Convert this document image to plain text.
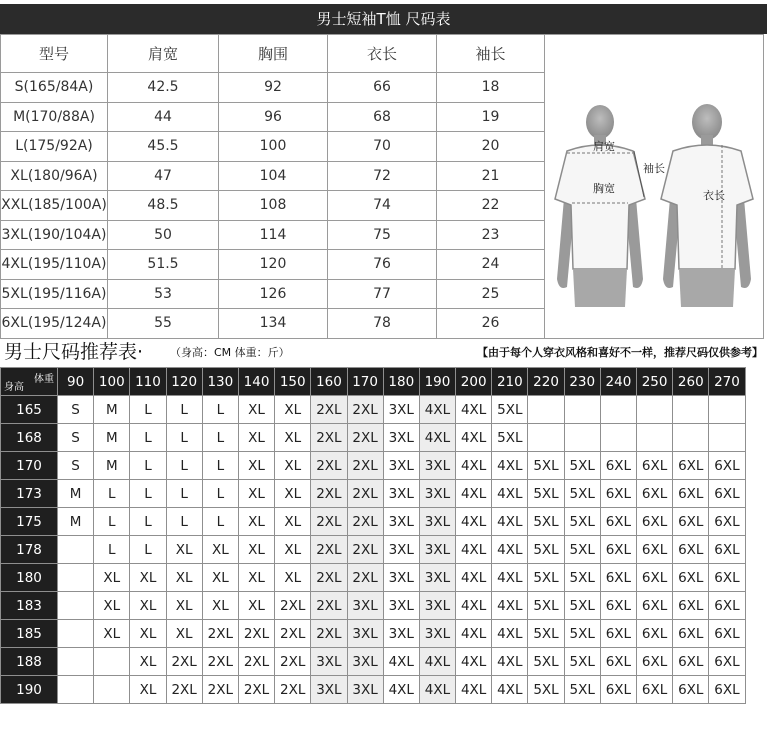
男士短袖T恤 尺码表
型号	肩宽	胸围	衣长	袖长	肩宽
胸宽
袖长
衣长

S(165/84A)	42.5	92	66	18	
M(170/88A)	44	96	68	19	
L(175/92A)	45.5	100	70	20	
XL(180/96A)	47	104	72	21	
XXL(185/100A)	48.5	108	74	22	
3XL(190/104A)	50	114	75	23	
4XL(195/110A)	51.5	120	76	24	
5XL(195/116A)	53	126	77	25	
6XL(195/124A)	55	134	78	26	
男士尺码推荐表· （身高：CM 体重：斤）	【由于每个人穿衣风格和喜好不一样，推荐尺码仅供参考】
体重
身高	90	100	110	120	130	140	150	160	170	180	190	200	210	220	230	240	250	260	270
165	S	M	L	L	L	XL	XL	2XL	2XL	3XL	4XL	4XL	5XL						
168	S	M	L	L	L	XL	XL	2XL	2XL	3XL	4XL	4XL	5XL						
170	S	M	L	L	L	XL	XL	2XL	2XL	3XL	3XL	4XL	4XL	5XL	5XL	6XL	6XL	6XL	6XL
173	M	L	L	L	L	XL	XL	2XL	2XL	3XL	3XL	4XL	4XL	5XL	5XL	6XL	6XL	6XL	6XL
175	M	L	L	L	L	XL	XL	2XL	2XL	3XL	3XL	4XL	4XL	5XL	5XL	6XL	6XL	6XL	6XL
178		L	L	XL	XL	XL	XL	2XL	2XL	3XL	3XL	4XL	4XL	5XL	5XL	6XL	6XL	6XL	6XL
180		XL	XL	XL	XL	XL	XL	2XL	2XL	3XL	3XL	4XL	4XL	5XL	5XL	6XL	6XL	6XL	6XL
183		XL	XL	XL	XL	XL	2XL	2XL	3XL	3XL	3XL	4XL	4XL	5XL	5XL	6XL	6XL	6XL	6XL
185		XL	XL	XL	2XL	2XL	2XL	2XL	3XL	3XL	3XL	4XL	4XL	5XL	5XL	6XL	6XL	6XL	6XL
188			XL	2XL	2XL	2XL	2XL	3XL	3XL	4XL	4XL	4XL	4XL	5XL	5XL	6XL	6XL	6XL	6XL
190			XL	2XL	2XL	2XL	2XL	3XL	3XL	4XL	4XL	4XL	4XL	5XL	5XL	6XL	6XL	6XL	6XL
